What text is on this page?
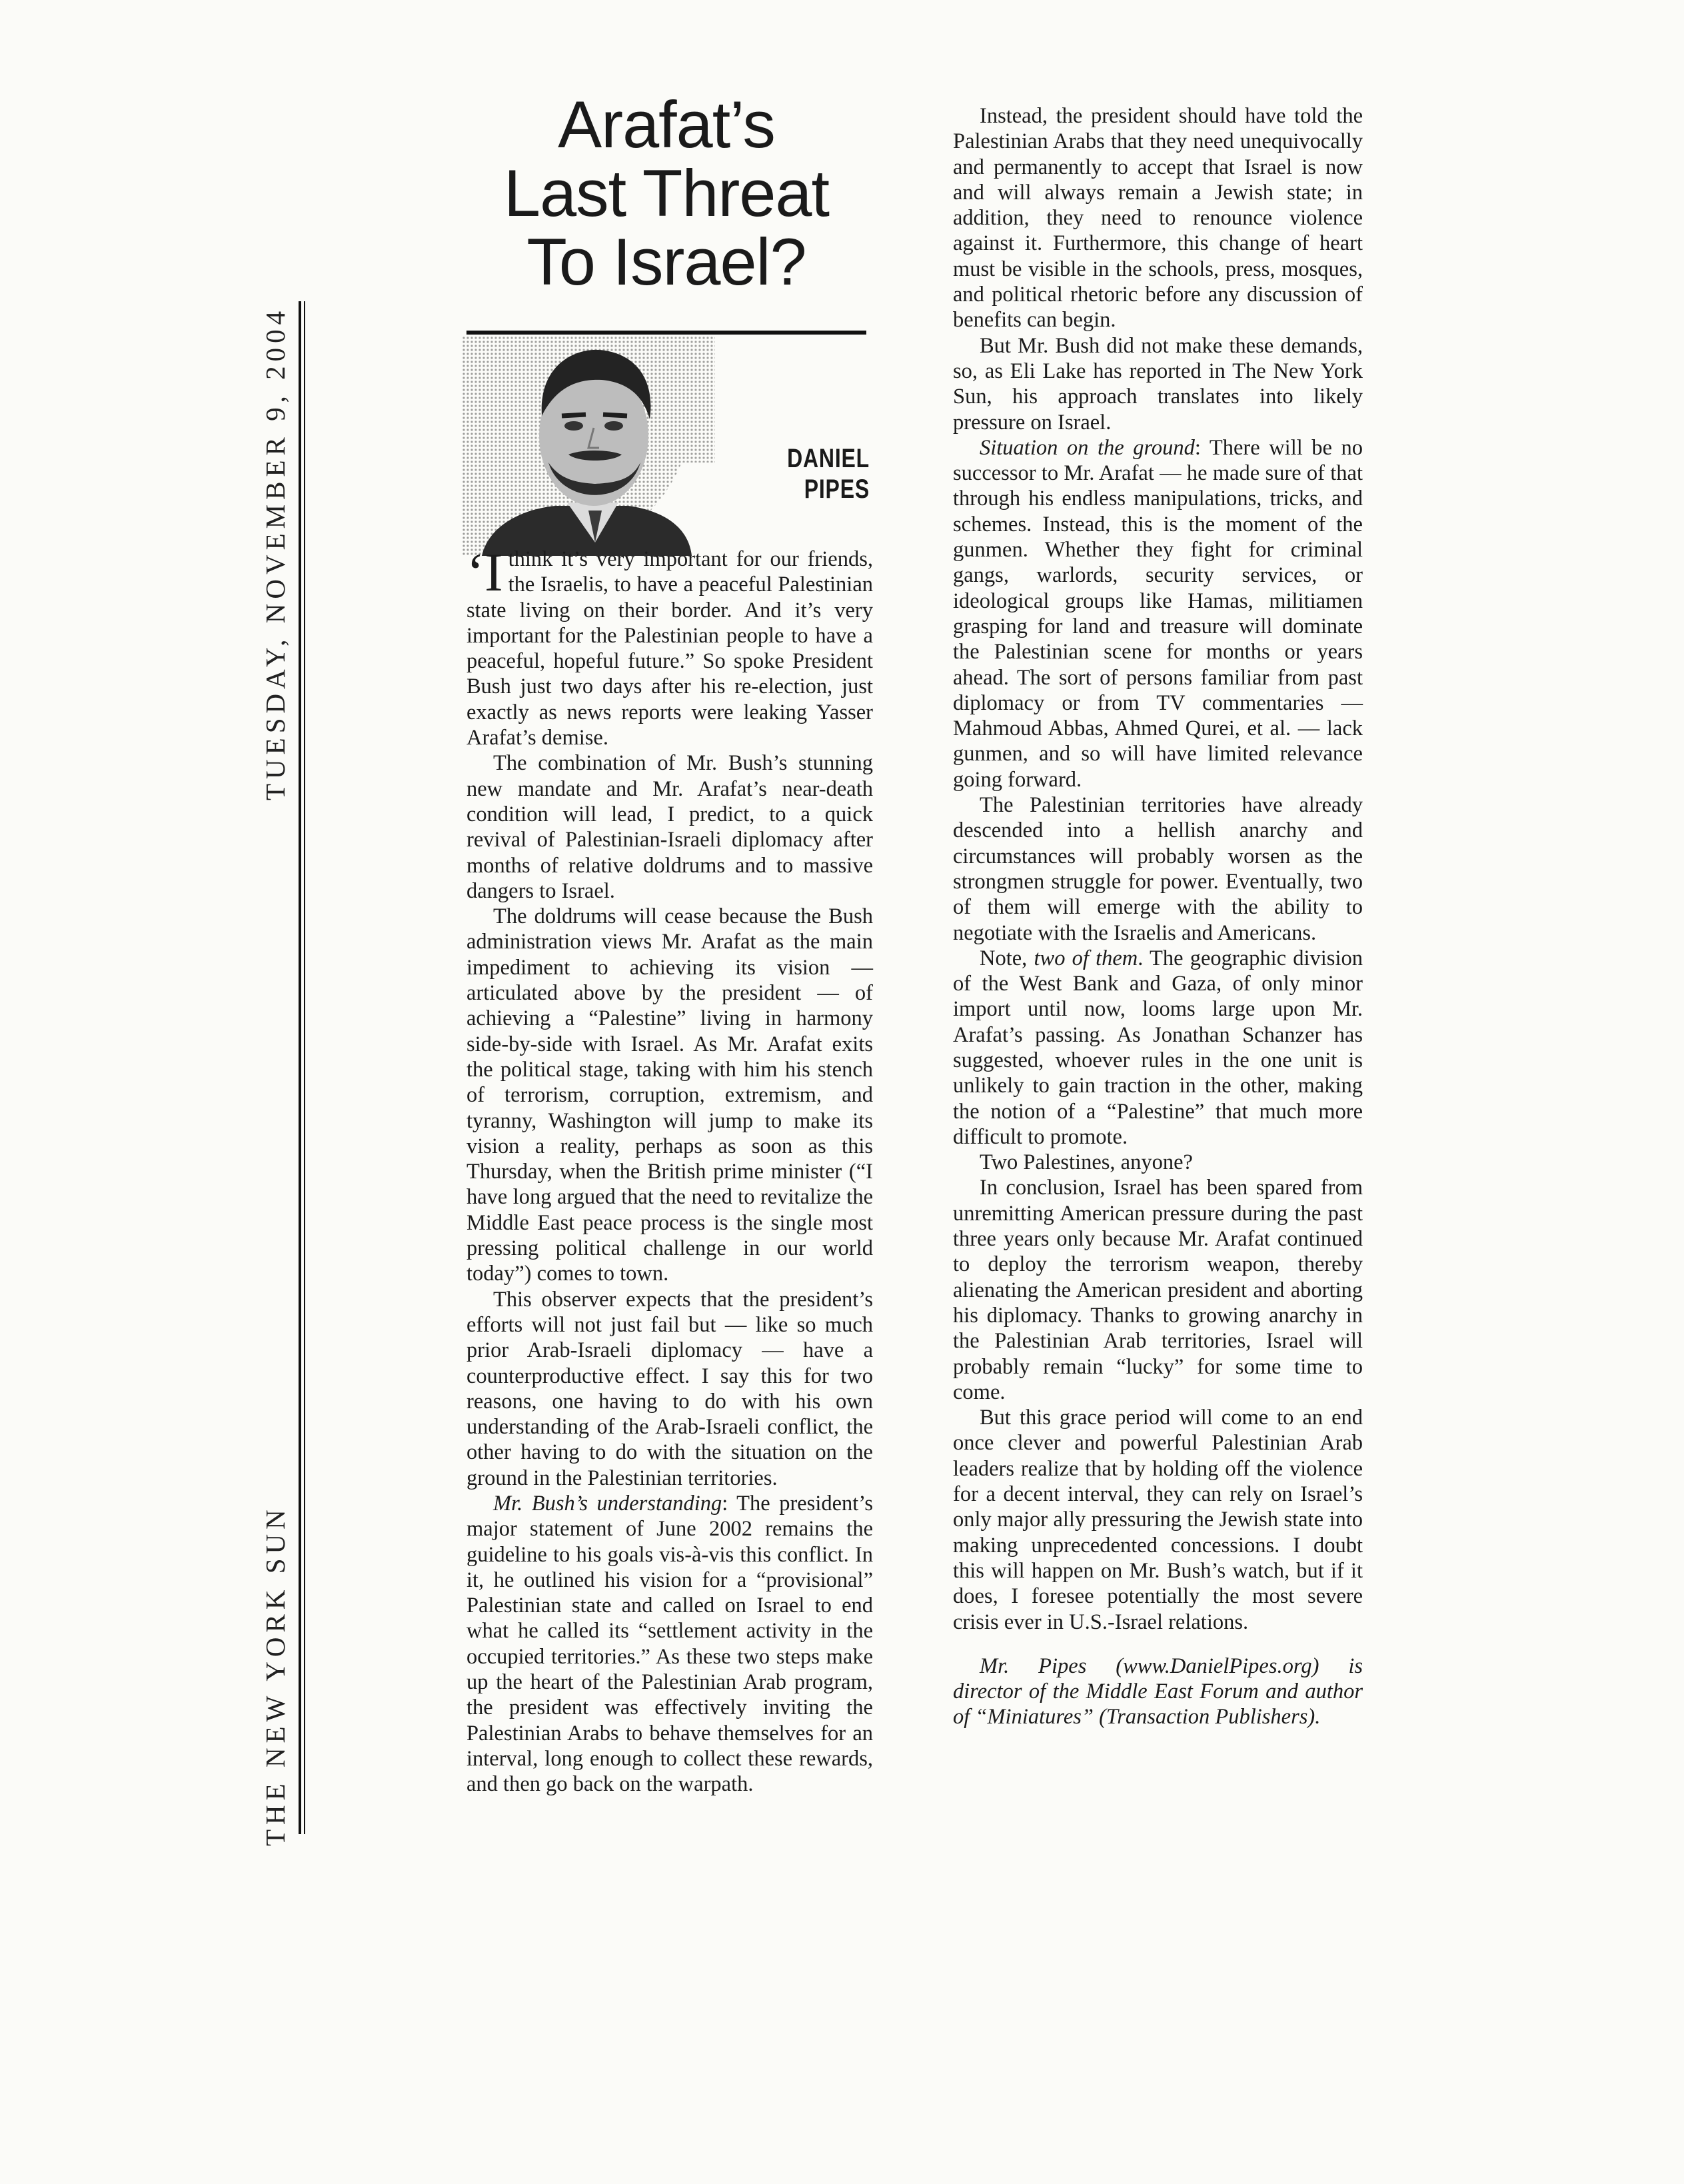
TUESDAY, NOVEMBER 9, 2004
THE NEW YORK SUN
Arafat’s
Last Threat
To Israel?
DANIEL
PIPES

‘Ithink it’s very important for our friends, the Israelis, to have a peaceful Palestinian state living on their border. And it’s very important for the Palestinian people to have a peaceful, hopeful future.” So spoke President Bush just two days after his re-election, just exactly as news reports were leaking Yasser Arafat’s demise.

The combination of Mr. Bush’s stunning new mandate and Mr. Arafat’s near-death condition will lead, I predict, to a quick revival of Palestinian-Israeli diplomacy after months of relative doldrums and to massive dangers to Israel.

The doldrums will cease because the Bush administration views Mr. Arafat as the main impediment to achieving its vision — articulated above by the president — of achieving a “Palestine” living in harmony side-by-side with Israel. As Mr. Arafat exits the political stage, taking with him his stench of terrorism, corruption, extremism, and tyranny, Washington will jump to make its vision a reality, perhaps as soon as this Thursday, when the British prime minister (“I have long argued that the need to revitalize the Middle East peace process is the single most pressing political challenge in our world today”) comes to town.

This observer expects that the president’s efforts will not just fail but — like so much prior Arab-Israeli diplomacy — have a counterproductive effect. I say this for two reasons, one having to do with his own understanding of the Arab-Israeli conflict, the other having to do with the situation on the ground in the Palestinian territories.

Mr. Bush’s understanding: The president’s major statement of June 2002 remains the guideline to his goals vis-à-vis this conflict. In it, he outlined his vision for a “provisional” Palestinian state and called on Israel to end what he called its “settlement activity in the occupied territories.” As these two steps make up the heart of the Palestinian Arab program, the president was effectively inviting the Palestinian Arabs to behave themselves for an interval, long enough to collect these rewards, and then go back on the warpath.

Instead, the president should have told the Palestinian Arabs that they need unequivocally and permanently to accept that Israel is now and will always remain a Jewish state; in addition, they need to renounce violence against it. Furthermore, this change of heart must be visible in the schools, press, mosques, and political rhetoric before any discussion of benefits can begin.

But Mr. Bush did not make these demands, so, as Eli Lake has reported in The New York Sun, his approach translates into likely pressure on Israel.

Situation on the ground: There will be no successor to Mr. Arafat — he made sure of that through his endless manipulations, tricks, and schemes. Instead, this is the moment of the gunmen. Whether they fight for criminal gangs, warlords, security services, or ideological groups like Hamas, militiamen grasping for land and treasure will dominate the Palestinian scene for months or years ahead. The sort of persons familiar from past diplomacy or from TV commentaries — Mahmoud Abbas, Ahmed Qurei, et al. — lack gunmen, and so will have limited relevance going forward.

The Palestinian territories have already descended into a hellish anarchy and circumstances will probably worsen as the strongmen struggle for power. Eventually, two of them will emerge with the ability to negotiate with the Israelis and Americans.

Note, two of them. The geographic division of the West Bank and Gaza, of only minor import until now, looms large upon Mr. Arafat’s passing. As Jonathan Schanzer has suggested, whoever rules in the one unit is unlikely to gain traction in the other, making the notion of a “Palestine” that much more difficult to promote.

Two Palestines, anyone?

In conclusion, Israel has been spared from unremitting American pressure during the past three years only because Mr. Arafat continued to deploy the terrorism weapon, thereby alienating the American president and aborting his diplomacy. Thanks to growing anarchy in the Palestinian Arab territories, Israel will probably remain “lucky” for some time to come.

But this grace period will come to an end once clever and powerful Palestinian Arab leaders realize that by holding off the violence for a decent interval, they can rely on Israel’s only major ally pressuring the Jewish state into making unprecedented concessions. I doubt this will happen on Mr. Bush’s watch, but if it does, I foresee potentially the most severe crisis ever in U.S.-Israel relations.

Mr. Pipes (www.DanielPipes.org) is director of the Middle East Forum and author of “Miniatures” (Transaction Publishers).
